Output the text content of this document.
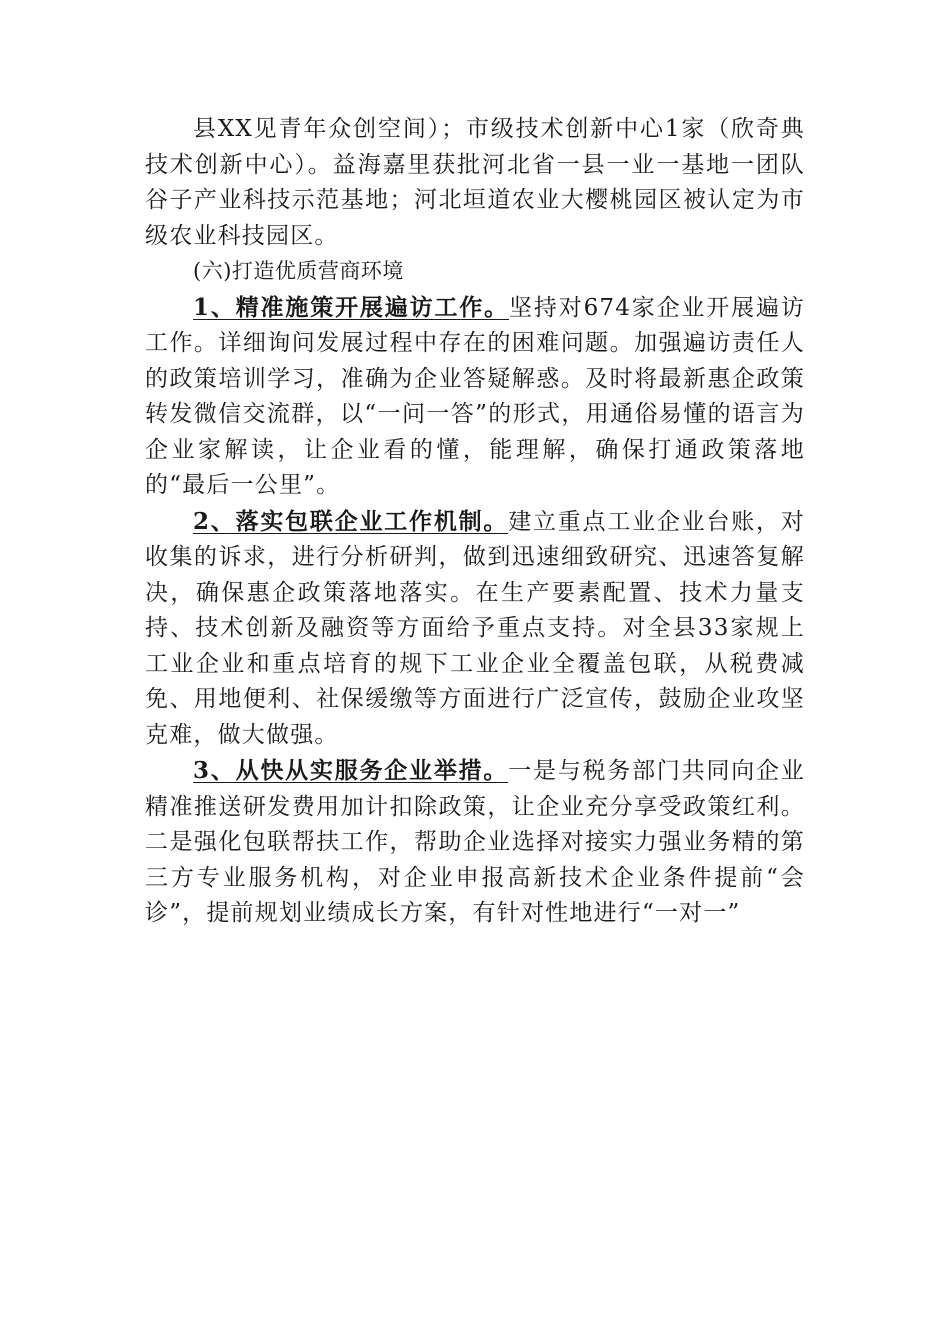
县XX见青年众创空间）；市级技术创新中心1家（欣奇典技术创新中心）。益海嘉里获批河北省一县一业一基地一团队谷子产业科技示范基地；河北垣道农业大樱桃园区被认定为市级农业科技园区。

(六)打造优质营商环境

1、精准施策开展遍访工作。坚持对674家企业开展遍访工作。详细询问发展过程中存在的困难问题。加强遍访责任人的政策培训学习，准确为企业答疑解惑。及时将最新惠企政策转发微信交流群，以“一问一答”的形式，用通俗易懂的语言为企业家解读，让企业看的懂，能理解，确保打通政策落地的“最后一公里”。

2、落实包联企业工作机制。建立重点工业企业台账，对收集的诉求，进行分析研判，做到迅速细致研究、迅速答复解决，确保惠企政策落地落实。在生产要素配置、技术力量支持、技术创新及融资等方面给予重点支持。对全县33家规上工业企业和重点培育的规下工业企业全覆盖包联，从税费减免、用地便利、社保缓缴等方面进行广泛宣传，鼓励企业攻坚克难，做大做强。

3、从快从实服务企业举措。一是与税务部门共同向企业精准推送研发费用加计扣除政策，让企业充分享受政策红利。二是强化包联帮扶工作，帮助企业选择对接实力强业务精的第三方专业服务机构，对企业申报高新技术企业条件提前“会诊”，提前规划业绩成长方案，有针对性地进行“一对一”
